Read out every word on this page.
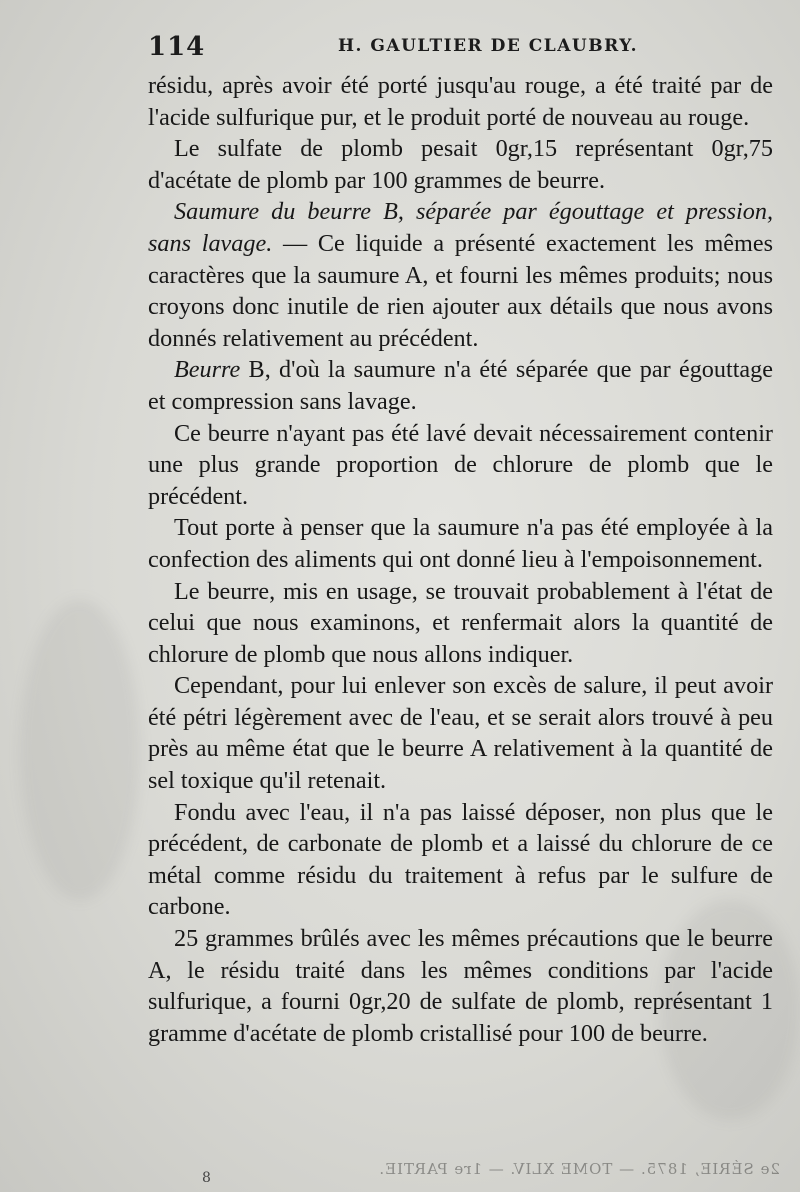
114	H. GAULTIER DE CLAUBRY.

résidu, après avoir été porté jusqu'au rouge, a été traité par de l'acide sulfurique pur, et le produit porté de nouveau au rouge.

Le sulfate de plomb pesait 0gr,15 représentant 0gr,75 d'acétate de plomb par 100 grammes de beurre.

Saumure du beurre B, séparée par égouttage et pression, sans lavage. — Ce liquide a présenté exactement les mêmes caractères que la saumure A, et fourni les mêmes produits; nous croyons donc inutile de rien ajouter aux détails que nous avons donnés relativement au précédent.

Beurre B, d'où la saumure n'a été séparée que par égouttage et compression sans lavage.

Ce beurre n'ayant pas été lavé devait nécessairement contenir une plus grande proportion de chlorure de plomb que le précédent.

Tout porte à penser que la saumure n'a pas été employée à la confection des aliments qui ont donné lieu à l'empoisonnement.

Le beurre, mis en usage, se trouvait probablement à l'état de celui que nous examinons, et renfermait alors la quantité de chlorure de plomb que nous allons indiquer.

Cependant, pour lui enlever son excès de salure, il peut avoir été pétri légèrement avec de l'eau, et se serait alors trouvé à peu près au même état que le beurre A relativement à la quantité de sel toxique qu'il retenait.

Fondu avec l'eau, il n'a pas laissé déposer, non plus que le précédent, de carbonate de plomb et a laissé du chlorure de ce métal comme résidu du traitement à refus par le sulfure de carbone.

25 grammes brûlés avec les mêmes précautions que le beurre A, le résidu traité dans les mêmes conditions par l'acide sulfurique, a fourni 0gr,20 de sulfate de plomb, représentant 1 gramme d'acétate de plomb cristallisé pour 100 de beurre.

2e SÉRIE, 1875. — TOME XLIV. — 1re PARTIE.
8
